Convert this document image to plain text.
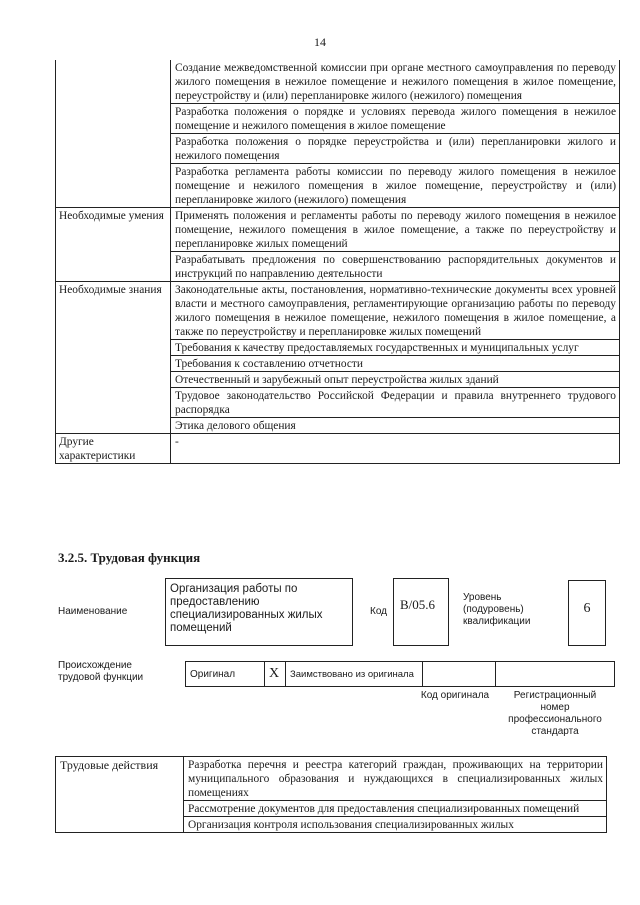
14
	Создание межведомственной комиссии при органе местного самоуправления по переводу жилого помещения в нежилое помещение и нежилого помещения в жилое помещение, переустройству и (или) перепланировке жилого (нежилого) помещения
	Разработка положения о порядке и условиях перевода жилого помещения в нежилое помещение и нежилого помещения в жилое помещение
	Разработка положения о порядке переустройства и (или) перепланировки жилого и нежилого помещения
	Разработка регламента работы комиссии по переводу жилого помещения в нежилое помещение и нежилого помещения в жилое помещение, переустройству и (или) перепланировке жилого (нежилого) помещения
Необходимые умения	Применять положения и регламенты работы по переводу жилого помещения в нежилое помещение, нежилого помещения в жилое помещение, а также по переустройству и перепланировке жилых помещений
	Разрабатывать предложения по совершенствованию распорядительных документов и инструкций по направлению деятельности
Необходимые знания	Законодательные акты, постановления, нормативно-технические документы всех уровней власти и местного самоуправления, регламентирующие организацию работы по переводу жилого помещения в нежилое помещение, нежилого помещения в жилое помещение, а также по переустройству и перепланировке жилых помещений
	Требования к качеству предоставляемых государственных и муниципальных услуг
	Требования к составлению отчетности
	Отечественный и зарубежный опыт переустройства жилых зданий
	Трудовое законодательство Российской Федерации и правила внутреннего трудового распорядка
	Этика делового общения
Другие характеристики	-
3.2.5. Трудовая функция
Наименование
Организация работы по предоставлению специализированных жилых помещений
Код В/05.6	Уровень (подуровень) квалификации
6
Происхождение трудовой функции	Оригинал	X	Заимствовано из оригинала		
Код оригинала	Регистрационный номер профессионального стандарта
Трудовые действия	Разработка перечня и реестра категорий граждан, проживающих на территории муниципального образования и нуждающихся в специализированных жилых помещениях
Рассмотрение документов для предоставления специализированных помещений
Организация контроля использования специализированных жилых
